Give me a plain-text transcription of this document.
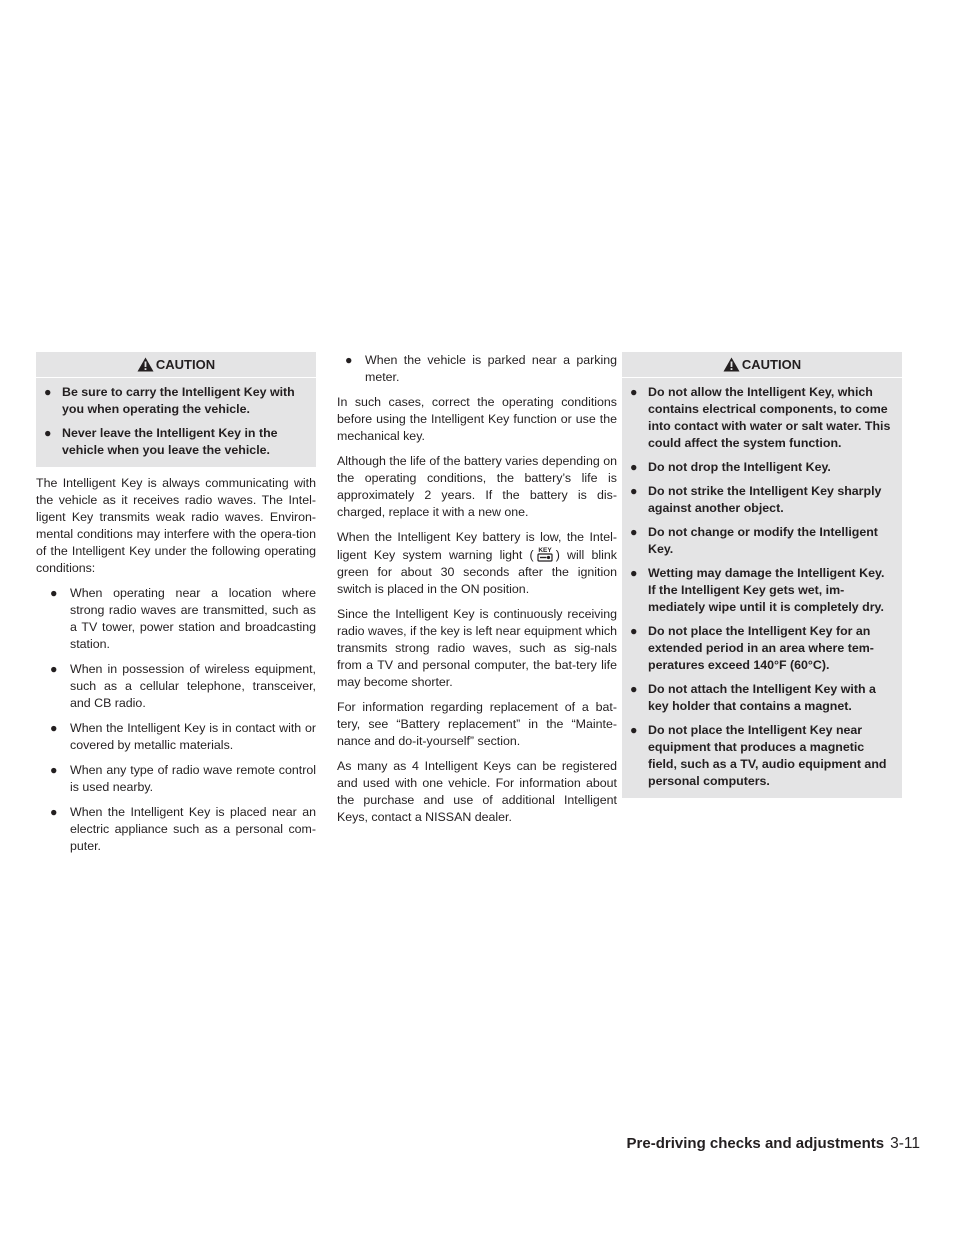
CAUTION
● Be sure to carry the Intelligent Key with you when operating the vehicle.
● Never leave the Intelligent Key in the vehicle when you leave the vehicle.

The Intelligent Key is always communicating with the vehicle as it receives radio waves. The Intel-ligent Key transmits weak radio waves. Environ-mental conditions may interfere with the opera-tion of the Intelligent Key under the following operating conditions:

● When operating near a location where strong radio waves are transmitted, such as a TV tower, power station and broadcasting station.
● When in possession of wireless equipment, such as a cellular telephone, transceiver, and CB radio.
● When the Intelligent Key is in contact with or covered by metallic materials.
● When any type of radio wave remote control is used nearby.
● When the Intelligent Key is placed near an electric appliance such as a personal com-puter.
● When the vehicle is parked near a parking meter.

In such cases, correct the operating conditions before using the Intelligent Key function or use the mechanical key.

Although the life of the battery varies depending on the operating conditions, the battery’s life is approximately 2 years. If the battery is dis-charged, replace it with a new one.

When the Intelligent Key battery is low, the Intel-ligent Key system warning light ( KEY ) will blink green for about 30 seconds after the ignition switch is placed in the ON position.

Since the Intelligent Key is continuously receiving radio waves, if the key is left near equipment which transmits strong radio waves, such as sig-nals from a TV and personal computer, the bat-tery life may become shorter.

For information regarding replacement of a bat-tery, see “Battery replacement” in the “Mainte-nance and do-it-yourself” section.

As many as 4 Intelligent Keys can be registered and used with one vehicle. For information about the purchase and use of additional Intelligent Keys, contact a NISSAN dealer.

CAUTION
● Do not allow the Intelligent Key, which contains electrical components, to come into contact with water or salt water. This could affect the system function.
● Do not drop the Intelligent Key.
● Do not strike the Intelligent Key sharply against another object.
● Do not change or modify the Intelligent Key.
● Wetting may damage the Intelligent Key. If the Intelligent Key gets wet, im-mediately wipe until it is completely dry.
● Do not place the Intelligent Key for an extended period in an area where tem-peratures exceed 140°F (60°C).
● Do not attach the Intelligent Key with a key holder that contains a magnet.
● Do not place the Intelligent Key near equipment that produces a magnetic field, such as a TV, audio equipment and personal computers.
Pre-driving checks and adjustments 3-11
